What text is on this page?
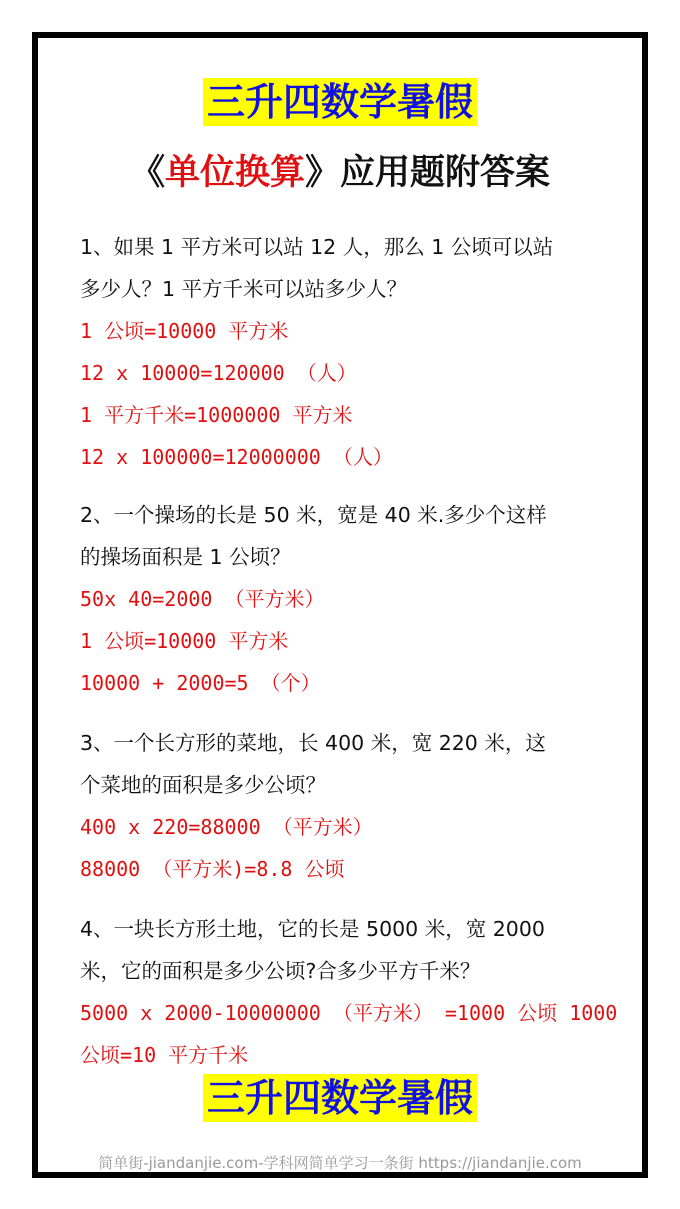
三升四数学暑假
《单位换算》应用题附答案
1、如果 1 平方米可以站 12 人，那么 1 公顷可以站
多少人？1 平方千米可以站多少人？
1 公顷=10000 平方米
12 x 10000=120000 （人）
1 平方千米=1000000 平方米
12 x 100000=12000000 （人）
2、一个操场的长是 50 米，宽是 40 米.多少个这样
的操场面积是 1 公顷？
50x 40=2000 （平方米）
1 公顷=10000 平方米
10000 + 2000=5 （个）
3、一个长方形的菜地，长 400 米，宽 220 米，这
个菜地的面积是多少公顷？
400 x 220=88000 （平方米）
88000 （平方米)=8.8 公顷
4、一块长方形土地，它的长是 5000 米，宽 2000
米，它的面积是多少公顷?合多少平方千米？
5000 x 2000-10000000 （平方米） =1000 公顷 1000
公顷=10 平方千米
三升四数学暑假
简单街-jiandanjie.com-学科网简单学习一条街 https://jiandanjie.com
